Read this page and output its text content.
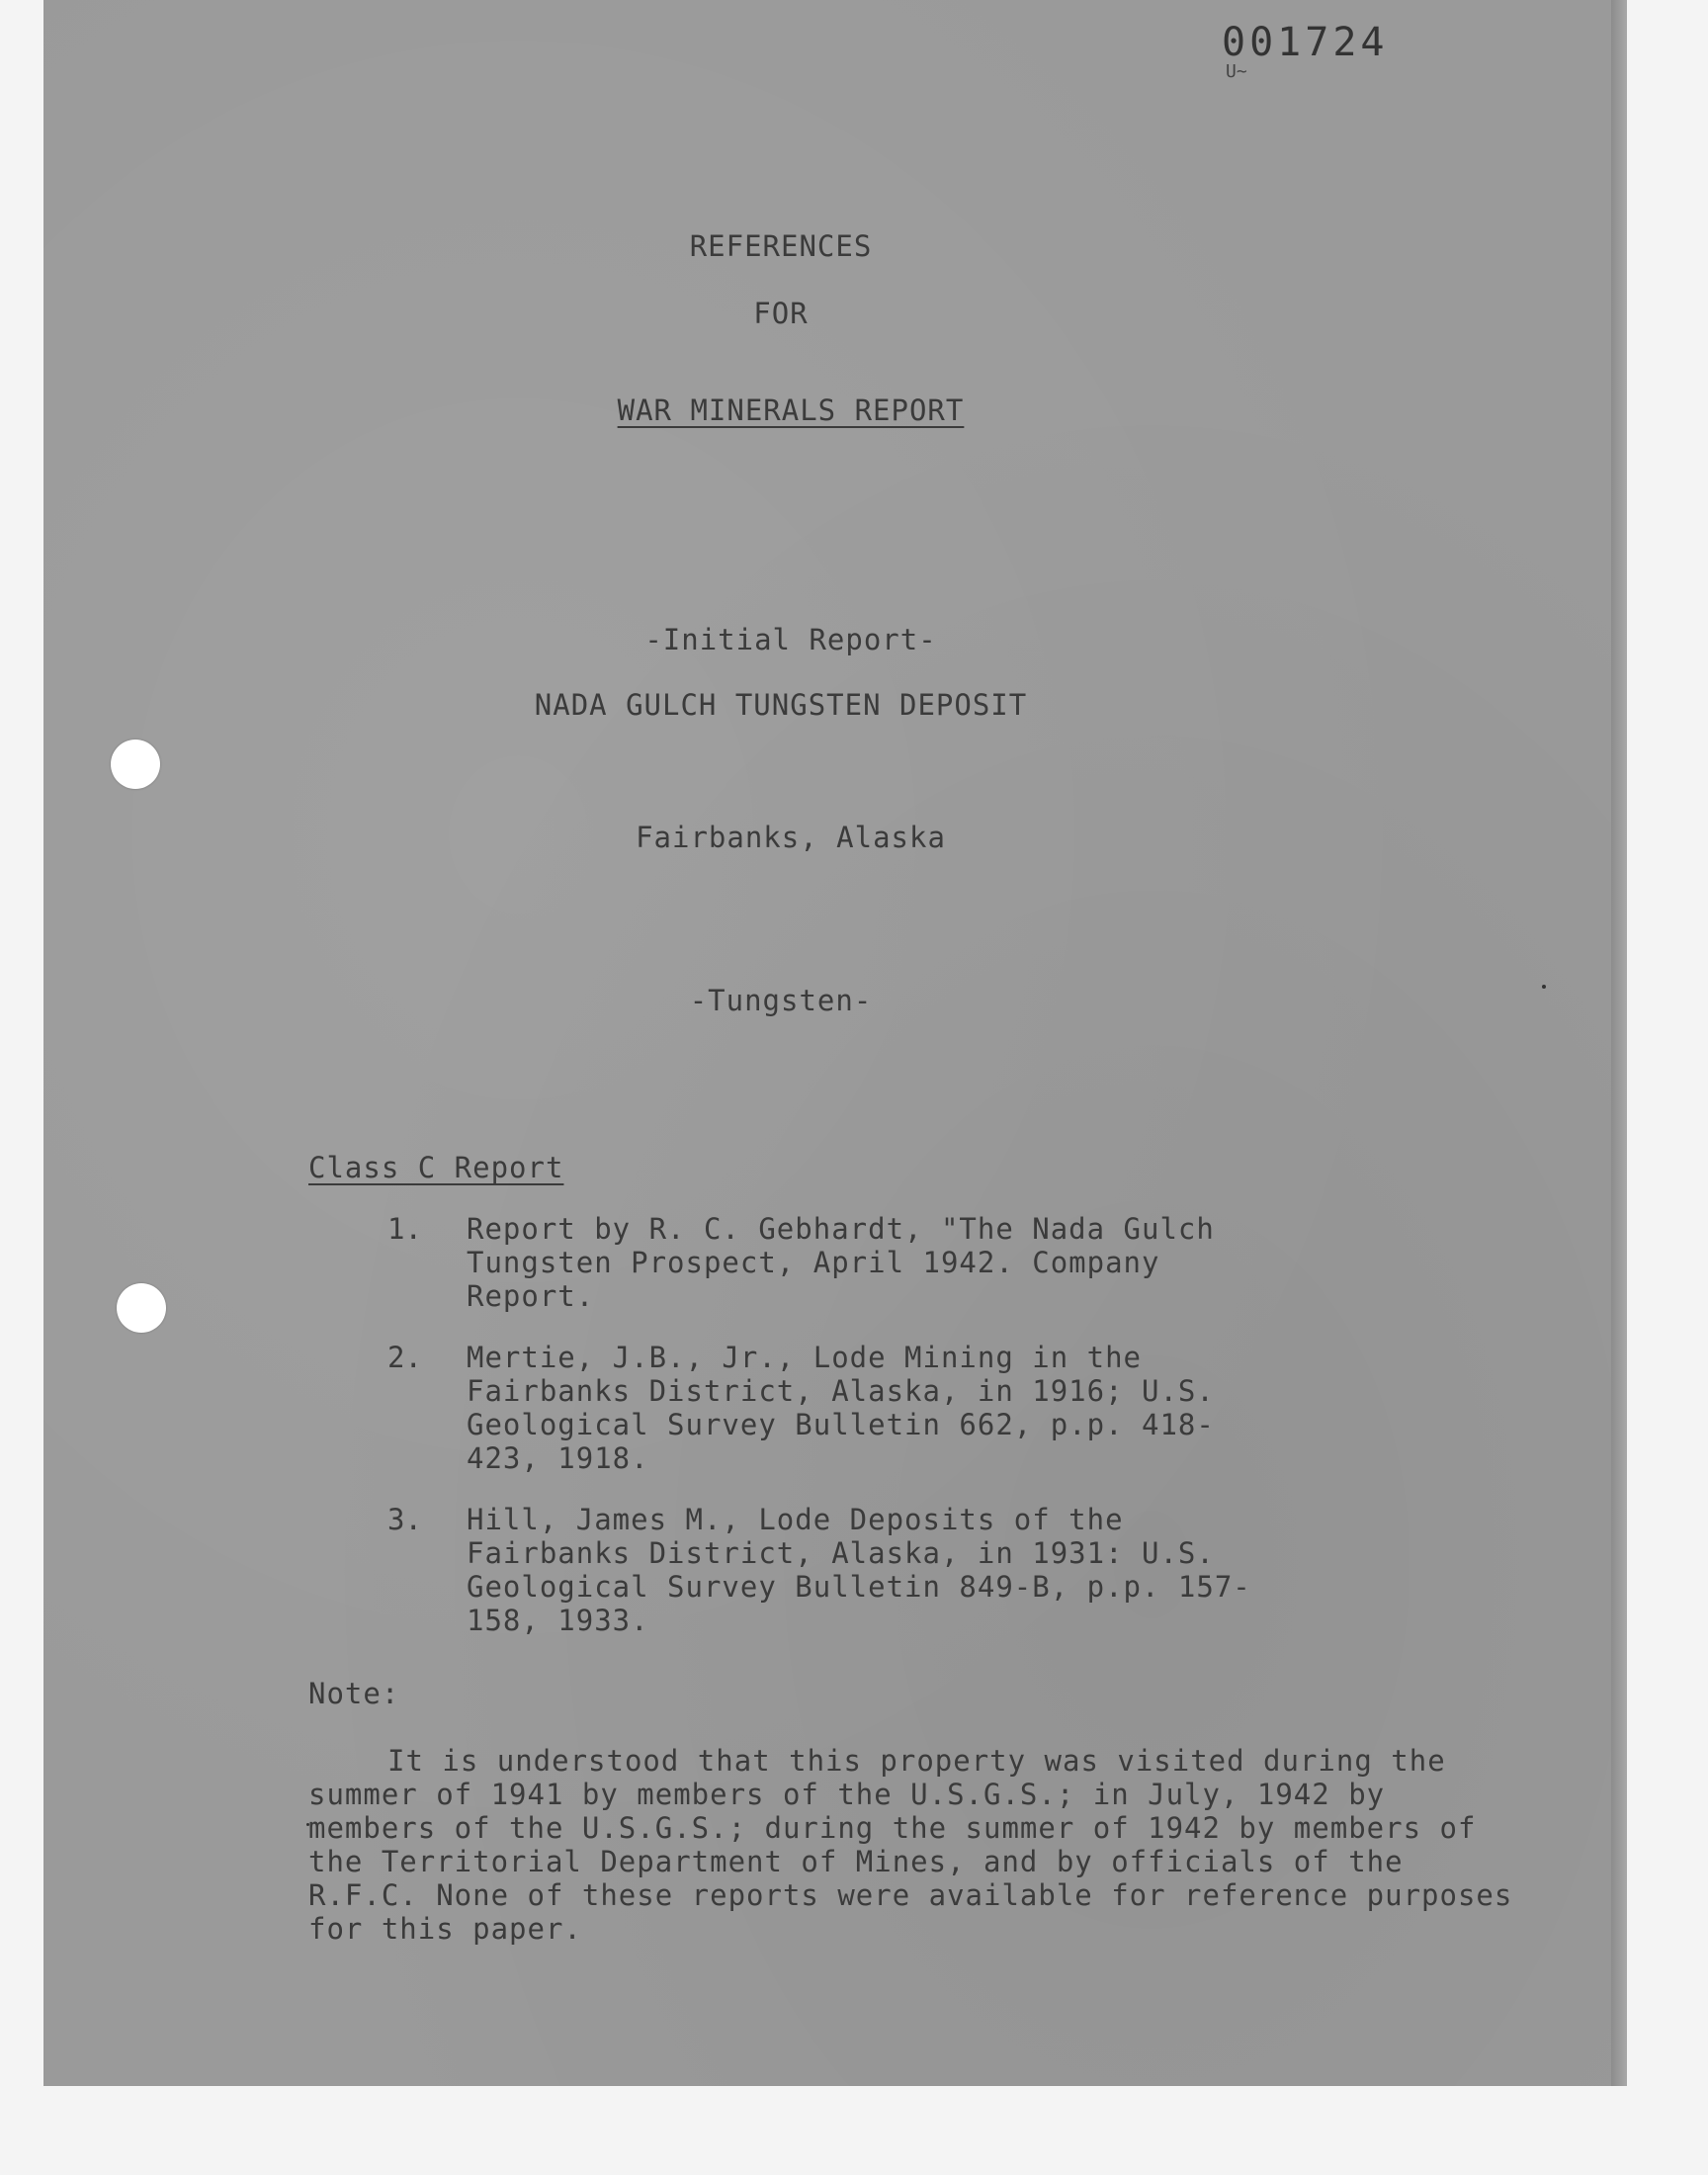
001724

U~

REFERENCES

FOR

WAR MINERALS REPORT

-Initial Report-

NADA GULCH TUNGSTEN DEPOSIT

Fairbanks, Alaska

-Tungsten-

Class C Report

1. Report by R. C. Gebhardt, "The Nada Gulch Tungsten Prospect, April 1942. Company Report.

2. Mertie, J.B., Jr., Lode Mining in the Fairbanks District, Alaska, in 1916; U.S. Geological Survey Bulletin 662, p.p. 418-423, 1918.

3. Hill, James M., Lode Deposits of the Fairbanks District, Alaska, in 1931: U.S. Geological Survey Bulletin 849-B, p.p. 157-158, 1933.

Note:

It is understood that this property was visited during the summer of 1941 by members of the U.S.G.S.; in July, 1942 by members of the U.S.G.S.; during the summer of 1942 by members of the Territorial Department of Mines, and by officials of the R.F.C. None of these reports were available for reference purposes for this paper.
